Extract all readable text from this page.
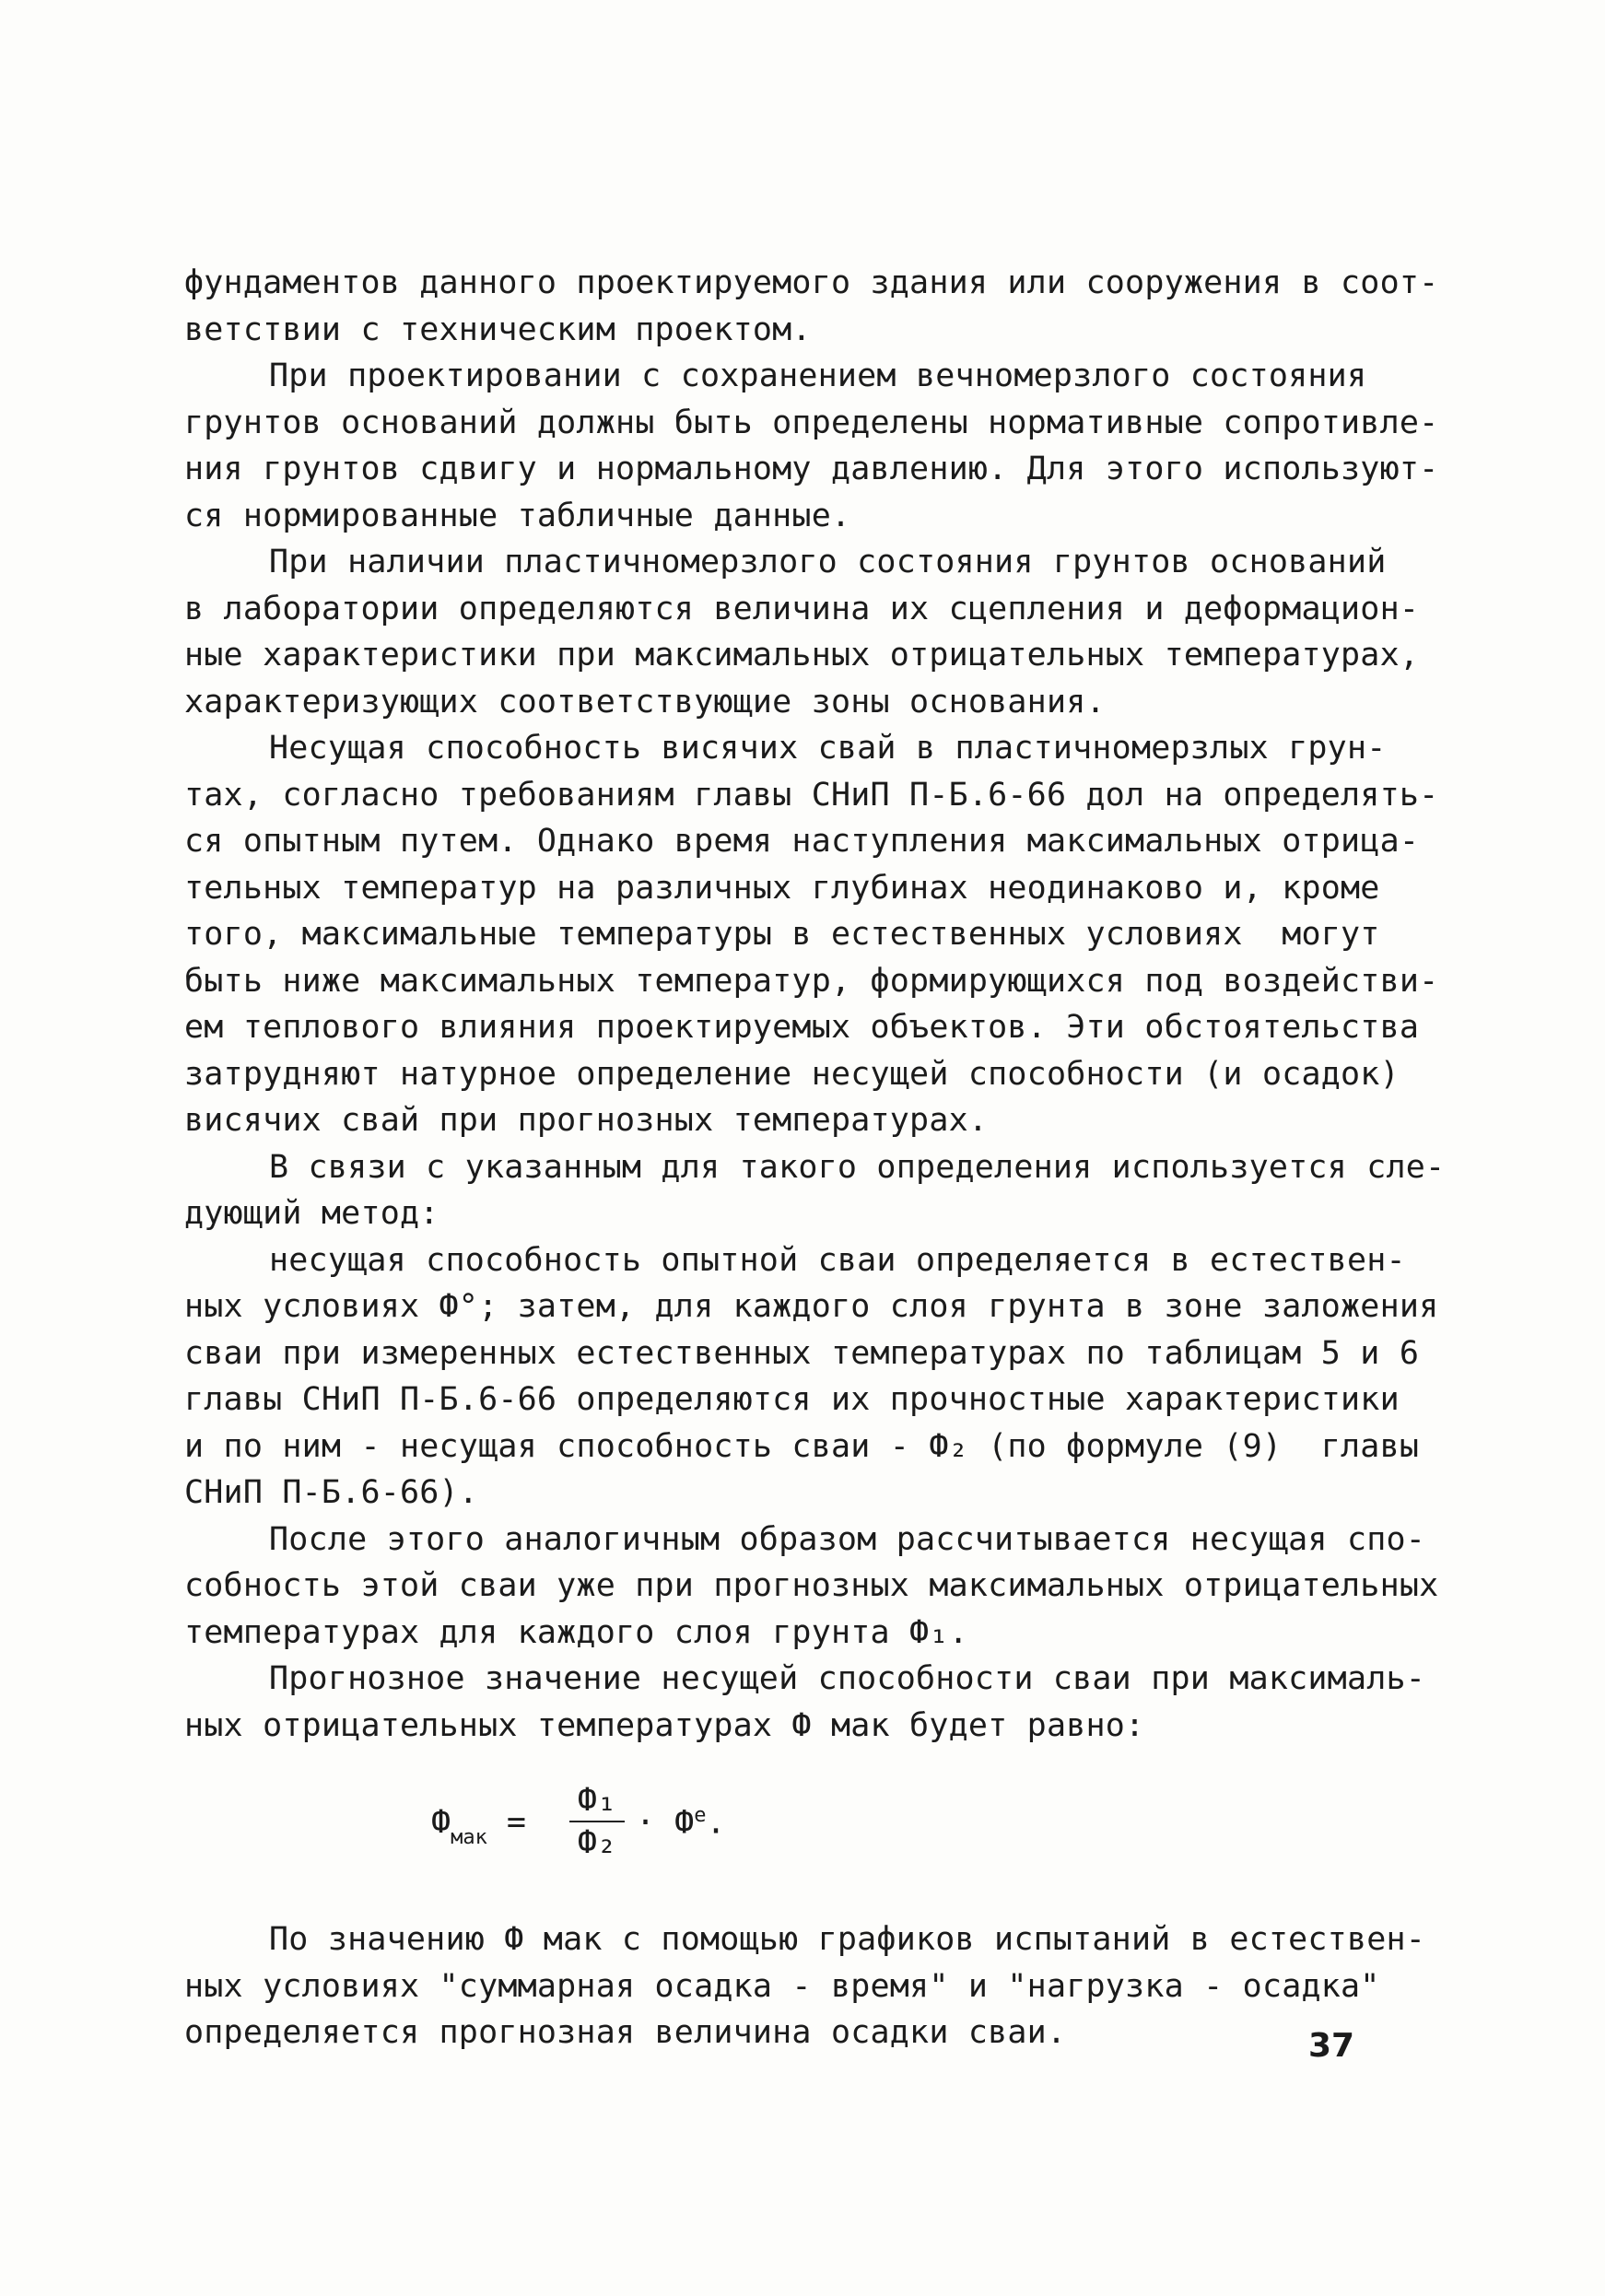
фундаментов данного проектируемого здания или сооружения в соот-
ветствии с техническим проектом.
При проектировании с сохранением вечномерзлого состояния
грунтов оснований должны быть определены нормативные сопротивле-
ния грунтов сдвигу и нормальному давлению. Для этого используют-
ся нормированные табличные данные.
При наличии пластичномерзлого состояния грунтов оснований
в лаборатории определяются величина их сцепления и деформацион-
ные характеристики при максимальных отрицательных температурах,
характеризующих соответствующие зоны основания.
Несущая способность висячих свай в пластичномерзлых грун-
тах, согласно требованиям главы СНиП П-Б.6-66 дол на определять-
ся опытным путем. Однако время наступления максимальных отрица-
тельных температур на различных глубинах неодинаково и, кроме
того, максимальные температуры в естественных условиях  могут
быть ниже максимальных температур, формирующихся под воздействи-
ем теплового влияния проектируемых объектов. Эти обстоятельства
затрудняют натурное определение несущей способности (и осадок)
висячих свай при прогнозных температурах.
В связи с указанным для такого определения используется сле-
дующий метод:
несущая способность опытной сваи определяется в естествен-
ных условиях Ф°; затем, для каждого слоя грунта в зоне заложения
сваи при измеренных естественных температурах по таблицам 5 и 6
главы СНиП П-Б.6-66 определяются их прочностные характеристики
и по ним - несущая способность сваи - Ф₂ (по формуле (9)  главы
СНиП П-Б.6-66).
После этого аналогичным образом рассчитывается несущая спо-
собность этой сваи уже при прогнозных максимальных отрицательных
температурах для каждого слоя грунта Ф₁.
Прогнозное значение несущей способности сваи при максималь-
ных отрицательных температурах Ф мак будет равно:
$Ф_{мак}$ =
Ф₁
Ф₂
· $Ф^е$.
По значению Ф мак с помощью графиков испытаний в естествен-
ных условиях "суммарная осадка - время" и "нагрузка - осадка"
определяется прогнозная величина осадки сваи.	37
